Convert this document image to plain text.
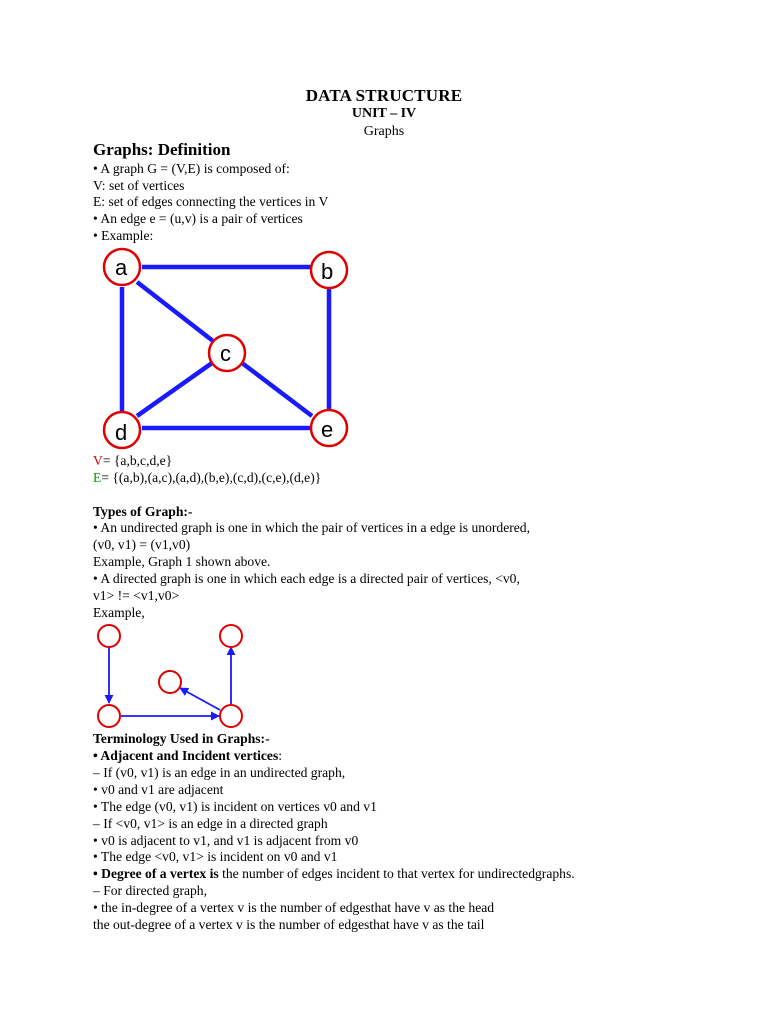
DATA STRUCTURE
UNIT – IV
Graphs
Graphs: Definition
• A graph G = (V,E) is composed of:
V: set of vertices
E: set of edges connecting the vertices in V
• An edge e = (u,v) is a pair of vertices
• Example:
a	b
c
d	e
V= {a,b,c,d,e}
E= {(a,b),(a,c),(a,d),(b,e),(c,d),(c,e),(d,e)}
Types of Graph:-
• An undirected graph is one in which the pair of vertices in a edge is unordered,
(v0, v1) = (v1,v0)
Example, Graph 1 shown above.
• A directed graph is one in which each edge is a directed pair of vertices, <v0,
v1> != <v1,v0>
Example,
Terminology Used in Graphs:-
• Adjacent and Incident vertices:
– If (v0, v1) is an edge in an undirected graph,
• v0 and v1 are adjacent
• The edge (v0, v1) is incident on vertices v0 and v1
– If <v0, v1> is an edge in a directed graph
• v0 is adjacent to v1, and v1 is adjacent from v0
• The edge <v0, v1> is incident on v0 and v1
• Degree of a vertex is the number of edges incident to that vertex for undirectedgraphs.
– For directed graph,
• the in-degree of a vertex v is the number of edgesthat have v as the head
the out-degree of a vertex v is the number of edgesthat have v as the tail
